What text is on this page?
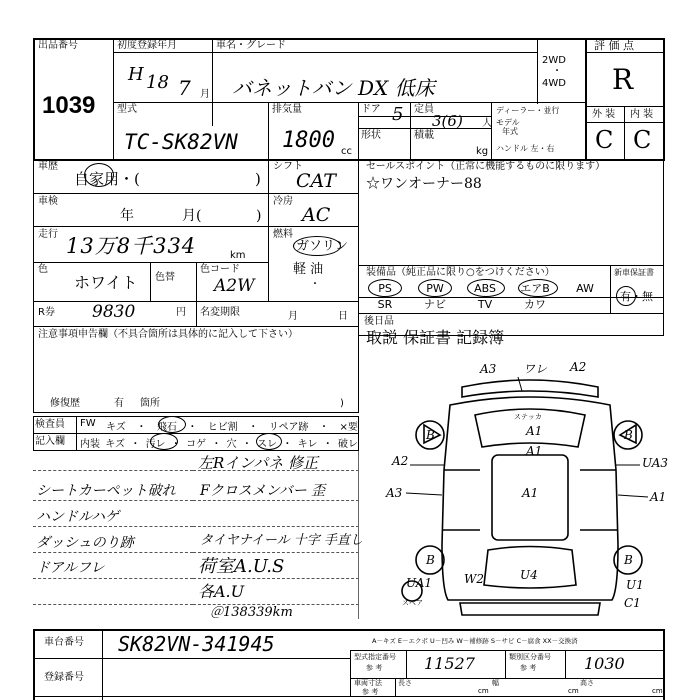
出品番号
1039
初度登録年月
H 18 7 月
車名・グレード
バネットバン DX 低床
2WD
・
4WD
評 価 点
R
型式
TC-SK82VN
排気量
1800 cc
ドア 5 定員
3(6) 人
形状	積載
kg
ディーラー・並行
モデル
年式
ハンドル 左・右
外 装 内 装
C C
車歴
自家用・(	)
車検
年	月(	)
走行 13万8千334	km
色
ホワイト 色替
色コード
A2W
R券 9830	円 名変期限	月	日
シフト
CAT
冷房
AC
燃料
ガソリン
軽 油
・
セールスポイント（正常に機能するものに限ります）
☆ワンオーナー88
装備品（純正品に限り○をつけください）
PS	PW	ABS	エアB	AW
SR	ナビ	TV	カワ
新車保証書
有・無
後日品
取説 保証書 記録簿
注意事項申告欄（不具合箇所は具体的に記入して下さい）
修復歴	有 箇所	)
検査員
記入欄
FW キズ ・ 飛石 ・ ヒビ割 ・ リペア跡 ・ ×要
内装 キズ ・ 汚レ ・ コゲ ・ 穴 ・ スレ ・ キレ ・ 破レ
左Rインパネ 修正
シートカーペット破れ Fクロスメンバー 歪
ハンドルハゲ
ダッシュのり跡	タイヤナイール 十字 手直し
ドアルフレ	荷室A.U.S
各A.U
＠138339km
A3 ワレ A2
B	B
A1
A2	UA3
A3	A1
A1
A1
U4
B	B
UA1	W2	U1
C1
ステッカ
スペア
車台番号 SK82VN-341945
登録番号
A－キズ E－エクボ U－凹み W－補修跡 S－サビ C－腐食 XX－交換済
型式指定番号
参 考	11527	類別区分番号
参 考	1030
車両寸法
参 考
長さ
cm
幅
cm
高さ
cm
